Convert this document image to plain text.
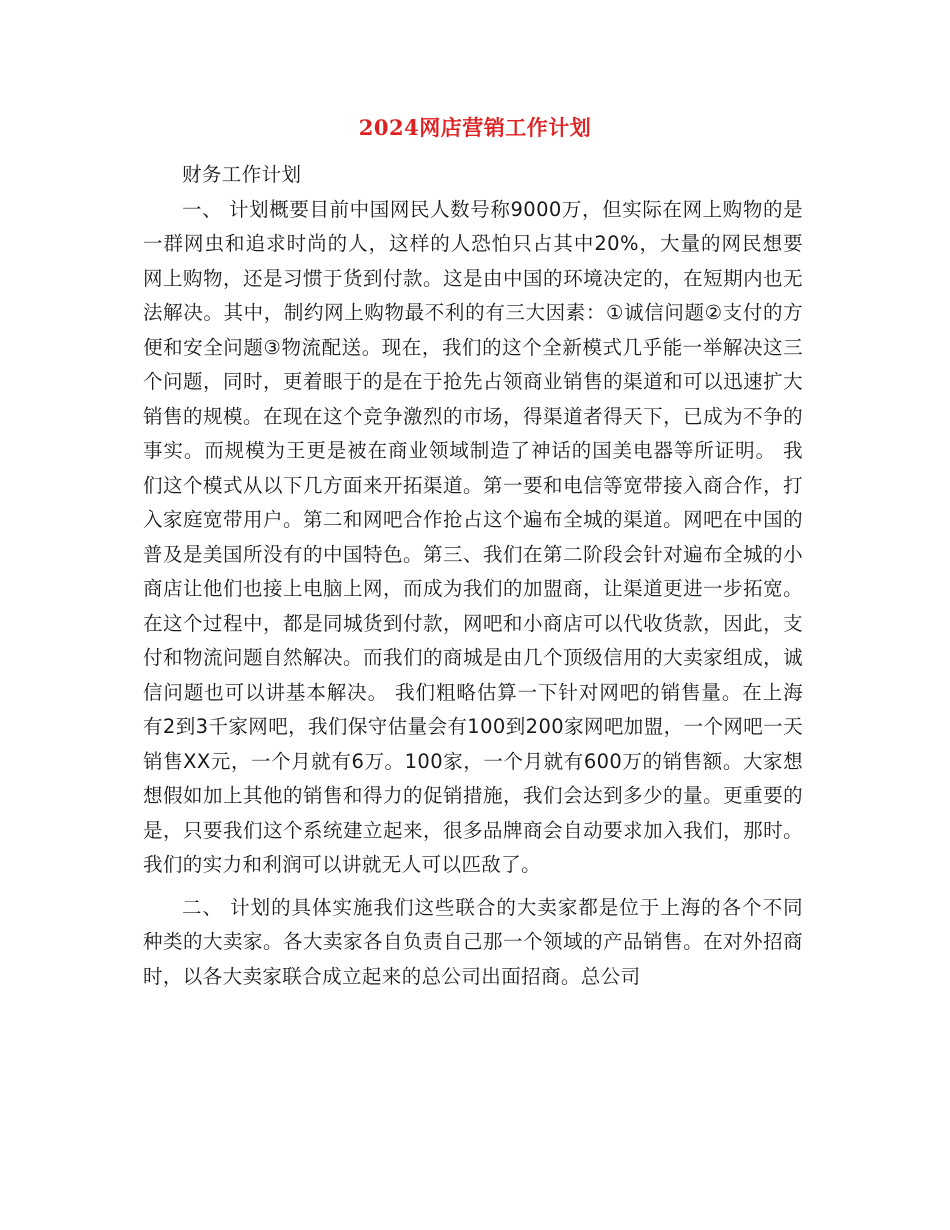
2024网店营销工作计划

财务工作计划

一、 计划概要目前中国网民人数号称9000万，但实际在网上购物的是一群网虫和追求时尚的人，这样的人恐怕只占其中20%，大量的网民想要网上购物，还是习惯于货到付款。这是由中国的环境决定的，在短期内也无法解决。其中，制约网上购物最不利的有三大因素：①诚信问题②支付的方便和安全问题③物流配送。现在，我们的这个全新模式几乎能一举解决这三个问题，同时，更着眼于的是在于抢先占领商业销售的渠道和可以迅速扩大销售的规模。在现在这个竞争激烈的市场，得渠道者得天下，已成为不争的事实。而规模为王更是被在商业领域制造了神话的国美电器等所证明。 我们这个模式从以下几方面来开拓渠道。第一要和电信等宽带接入商合作，打入家庭宽带用户。第二和网吧合作抢占这个遍布全城的渠道。网吧在中国的普及是美国所没有的中国特色。第三、我们在第二阶段会针对遍布全城的小商店让他们也接上电脑上网，而成为我们的加盟商，让渠道更进一步拓宽。在这个过程中，都是同城货到付款，网吧和小商店可以代收货款，因此，支付和物流问题自然解决。而我们的商城是由几个顶级信用的大卖家组成，诚信问题也可以讲基本解决。 我们粗略估算一下针对网吧的销售量。在上海有2到3千家网吧，我们保守估量会有100到200家网吧加盟，一个网吧一天销售XX元，一个月就有6万。100家，一个月就有600万的销售额。大家想想假如加上其他的销售和得力的促销措施，我们会达到多少的量。更重要的是，只要我们这个系统建立起来，很多品牌商会自动要求加入我们，那时。我们的实力和利润可以讲就无人可以匹敌了。

二、 计划的具体实施我们这些联合的大卖家都是位于上海的各个不同种类的大卖家。各大卖家各自负责自己那一个领域的产品销售。在对外招商时，以各大卖家联合成立起来的总公司出面招商。总公司
